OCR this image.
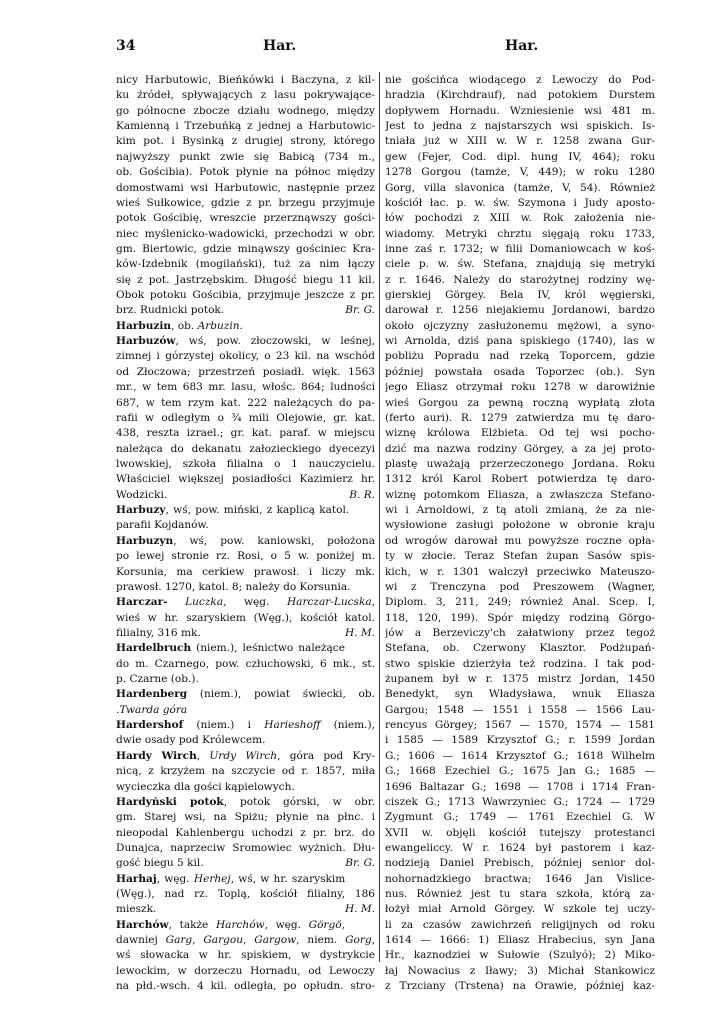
34	Har.	Har.
nicy Harbutowic, Bieńkówki i Baczyna, z kil-
ku źródeł, spływających z lasu pokrywające-
go północne zbocze działu wodnego, między
Kamienną i Trzebuńką z jednej a Harbutowic-
kim pot. i Bysinką z drugiej strony, którego
najwyższy punkt zwie się Babicą (734 m.,
ob. Gościbia). Potok płynie na północ między
domostwami wsi Harbutowic, następnie przez
wieś Sułkowice, gdzie z pr. brzegu przyjmuje
potok Gościbię, wreszcie przerznąwszy gości-
niec myślenicko-wadowicki, przechodzi w obr.
gm. Biertowic, gdzie minąwszy gościniec Kra-
ków-Izdebnik (mogilański), tuż za nim łączy
się z pot. Jastrzębskim. Długość biegu 11 kil.
Obok potoku Gościbia, przyjmuje jeszcze z pr.
Br. G.
brz. Rudnicki potok.
Harbuzin, ob. Arbuzin.
Harbuzów, wś, pow. złoczowski, w leśnej,
zimnej i górzystej okolicy, o 23 kil. na wschód
od Złoczowa; przestrzeń posiadł. więk. 1563
mr., w tem 683 mr. lasu, włośc. 864; ludności
687, w tem rzym kat. 222 należących do pa-
rafii w odległym o ¾ mili Olejowie, gr. kat.
438, reszta izrael.; gr. kat. paraf. w miejscu
należąca do dekanatu załozieckiego dyecezyi
lwowskiej, szkoła filialna o 1 nauczycielu.
Właściciel większej posiadłości Kazimierz hr.
B. R.
Wodzicki.
Harbuzy, wś, pow. miński, z kaplicą katol.
parafii Kojdanów.
Harbuzyn, wś, pow. kaniowski, położona
po lewej stronie rz. Rosi, o 5 w. poniżej m.
Korsunia, ma cerkiew prawosł. i liczy mk.
prawosł. 1270, katol. 8; należy do Korsunia.
Harczar- Luczka, węg. Harczar-Lucska,
wieś w hr. szaryskiem (Węg.), kościół katol.
H. M.
filialny, 316 mk.
Hardelbruch (niem.), leśnictwo należące
do m. Czarnego, pow. człuchowski, 6 mk., st.
p. Czarne (ob.).
Hardenberg (niem.), powiat świecki, ob.
.Twarda góra
Hardershof (niem.) i Harieshoff (niem.),
dwie osady pod Królewcem.
Hardy Wirch, Urdy Wirch, góra pod Kry-
nicą, z krzyżem na szczycie od r. 1857, miła
wycieczka dla gości kąpielowych.
Hardyński potok, potok górski, w obr.
gm. Starej wsi, na Spiżu; płynie na płnc. i
nieopodal Kahlenbergu uchodzi z pr. brz. do
Dunajca, naprzeciw Sromowiec wyżnich. Dłu-
Br. G.
gość biegu 5 kil.
Harhaj, węg. Herhej, wś, w hr. szaryskim
(Węg.), nad rz. Toplą, kościół filialny, 186
H. M.
mieszk.
Harchów, także Harchów, węg. Görgö,
dawniej Garg, Gargou, Gargow, niem. Gorg,
wś słowacka w hr. spiskiem, w dystrykcie
lewockim, w dorzeczu Hornadu, od Lewoczy
na płd.-wsch. 4 kil. odległa, po opłudn. stro-
nie gościńca wiodącego z Lewoczy do Pod-
hradzia (Kirchdrauf), nad potokiem Durstem
dopływem Hornadu. Wzniesienie wsi 481 m.
Jest to jedna z najstarszych wsi spiskich. Is-
tniała już w XIII w. W r. 1258 zwana Gur-
gew (Fejer, Cod. dipl. hung IV, 464); roku
1278 Gorgou (tamże, V, 449); w roku 1280
Gorg, villa slavonica (tamże, V, 54). Również
kościół łac. p. w. św. Szymona i Judy aposto-
łów pochodzi z XIII w. Rok założenia nie-
wiadomy. Metryki chrztu sięgają roku 1733,
inne zaś r. 1732; w filii Domaniowcach w koś-
ciele p. w. św. Stefana, znajdują się metryki
z r. 1646. Należy do starożytnej rodziny wę-
gierskiej Görgey. Bela IV, król węgierski,
darował r. 1256 niejakiemu Jordanowi, bardzo
około ojczyzny zasłużonemu mężowi, a syno-
wi Arnolda, dziś pana spiskiego (1740), las w
pobliżu Popradu nad rzeką Toporcem, gdzie
później powstała osada Toporzec (ob.). Syn
jego Eliasz otrzymał roku 1278 w darowiźnie
wieś Gorgou za pewną roczną wypłatą złota
(ferto auri). R. 1279 zatwierdza mu tę daro-
wiznę królowa Elżbieta. Od tej wsi pocho-
dzić ma nazwa rodziny Görgey, a za jej proto-
plastę uważają przerzeczonego Jordana. Roku
1312 król Karol Robert potwierdza tę daro-
wiznę potomkom Eliasza, a zwłaszcza Stefano-
wi i Arnoldowi, z tą atoli zmianą, że za nie-
wysłowione zasługi położone w obronie kraju
od wrogów darował mu powyższe roczne opła-
ty w złocie. Teraz Stefan żupan Sasów spis-
kich, w r. 1301 walczył przeciwko Mateuszo-
wi z Trenczyna pod Preszowem (Wagner,
Diplom. 3, 211, 249; również Anal. Scep. I,
118, 120, 199). Spór między rodziną Görgo-
jów a Berzeviczy'ch załatwiony przez tegoż
Stefana, ob. Czerwony Klasztor. Podżupań-
stwo spiskie dzierżyła też rodzina. I tak pod-
żupanem był w r. 1375 mistrz Jordan, 1450
Benedykt, syn Władysława, wnuk Eliasza
Gargou; 1548 — 1551 i 1558 — 1566 Lau-
rencyus Görgey; 1567 — 1570, 1574 — 1581
i 1585 — 1589 Krzysztof G.; r. 1599 Jordan
G.; 1606 — 1614 Krzysztof G.; 1618 Wilhelm
G.; 1668 Ezechiel G.; 1675 Jan G.; 1685 —
1696 Baltazar G.; 1698 — 1708 i 1714 Fran-
ciszek G.; 1713 Wawrzyniec G.; 1724 — 1729
Zygmunt G.; 1749 — 1761 Ezechiel G. W
XVII w. objęli kościół tutejszy protestanci
ewangeliccy. W r. 1624 był pastorem i kaz-
nodzieją Daniel Prebisch, później senior dol-
nohornadzkiego bractwa; 1646 Jan Vislice-
nus. Również jest tu stara szkoła, którą za-
łożył miał Arnold Görgey. W szkole tej uczy-
li za czasów zawichrzeń religijnych od roku
1614 — 1666: 1) Eliasz Hrabecius, syn Jana
Hr., kaznodziei w Sułowie (Szulyó); 2) Miko-
łaj Nowacius z Iławy; 3) Michał Stankowicz
z Trzciany (Trstena) na Orawie, później kaz-
